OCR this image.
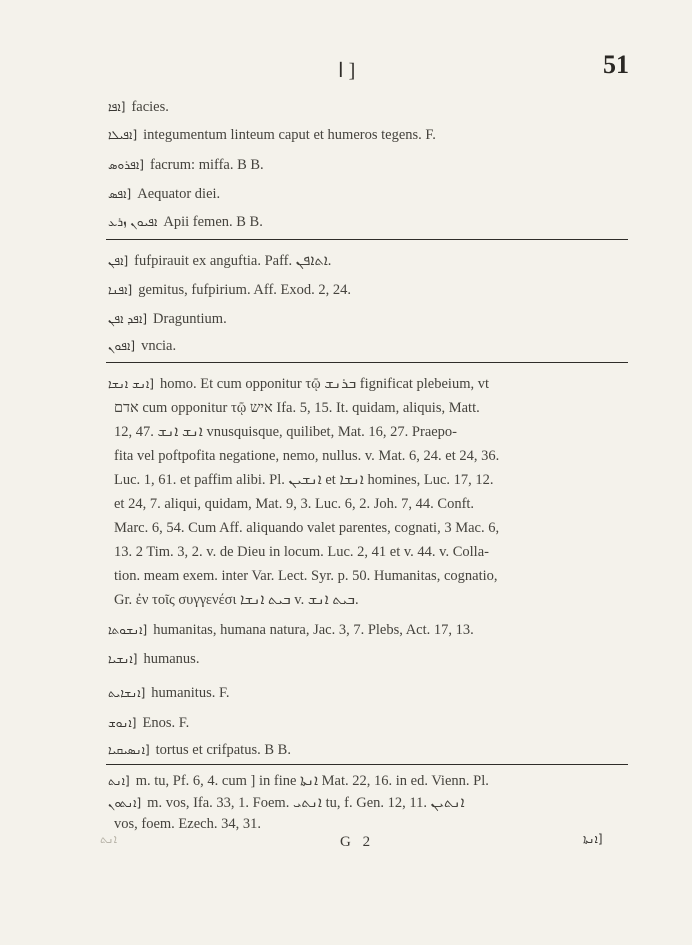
ا ]	51
ܐܦܐ] facies.
ܐܦܝܠܐ] integumentum linteum caput et humeros tegens. F.
ܐܦܪܘܣ] facrum: miffa. B B.
ܐܦܣ] Aequator diei.
ܐܦܝܘܢ ܙܪܥ Apii femen. B B.
ܐܦܢ] fufpirauit ex anguftia. Paff. ܐܬܐܦܢ.
ܐܦܢܐ] gemitus, fufpirium. Aff. Exod. 2, 24.
ܐܦܕ ܐܦܢ] Draguntium.
ܐܦܘܢ] vncia.
ܐܢܫ ܐܢܫܐ] homo. Et cum opponitur τῷ ܒܪܢܫ fignificat plebeium, vt
אדם cum opponitur τῷ איש Ifa. 5, 15. It. quidam, aliquis, Matt.
12, 47. ܐܢܫ ܐܢܫ vnusquisque, quilibet, Mat. 16, 27. Praepo-
fita vel poftpofita negatione, nemo, nullus. v. Mat. 6, 24. et 24, 36.
Luc. 1, 61. et paffim alibi. Pl. ܐܢܫܝܢ et ܐܢܫܐ homines, Luc. 17, 12.
et 24, 7. aliqui, quidam, Mat. 9, 3. Luc. 6, 2. Joh. 7, 44. Conft.
Marc. 6, 54. Cum Aff. aliquando valet parentes, cognati, 3 Mac. 6,
13. 2 Tim. 3, 2. v. de Dieu in locum. Luc. 2, 41 et v. 44. v. Colla-
tion. meam exem. inter Var. Lect. Syr. p. 50. Humanitas, cognatio,
Gr. ἐν τοῖς συγγενέσι ܒܝܬ ܐܢܫܐ v. ܒܝܬ ܐܢܫ.
ܐܢܫܘܬܐ] humanitas, humana natura, Jac. 3, 7. Plebs, Act. 17, 13.
ܐܢܫܝܐ] humanus.
ܐܢܫܐܝܬ] humanitus. F.
ܐܢܘܫ] Enos. F.
ܐܢܣܝܩܝܐ] tortus et crifpatus. B B.
ܐܢܬ] m. tu, Pf. 6, 4. cum ] in fine ܐܢܬܐ Mat. 22, 16. in ed. Vienn. Pl.
ܐܢܬܘܢ] m. vos, Ifa. 33, 1. Foem. ܐܢܬܝ tu, f. Gen. 12, 11. ܐܢܬܝܢ
vos, foem. Ezech. 34, 31.
ܐܢܬ	G 2	ܐܢܬܐ]
